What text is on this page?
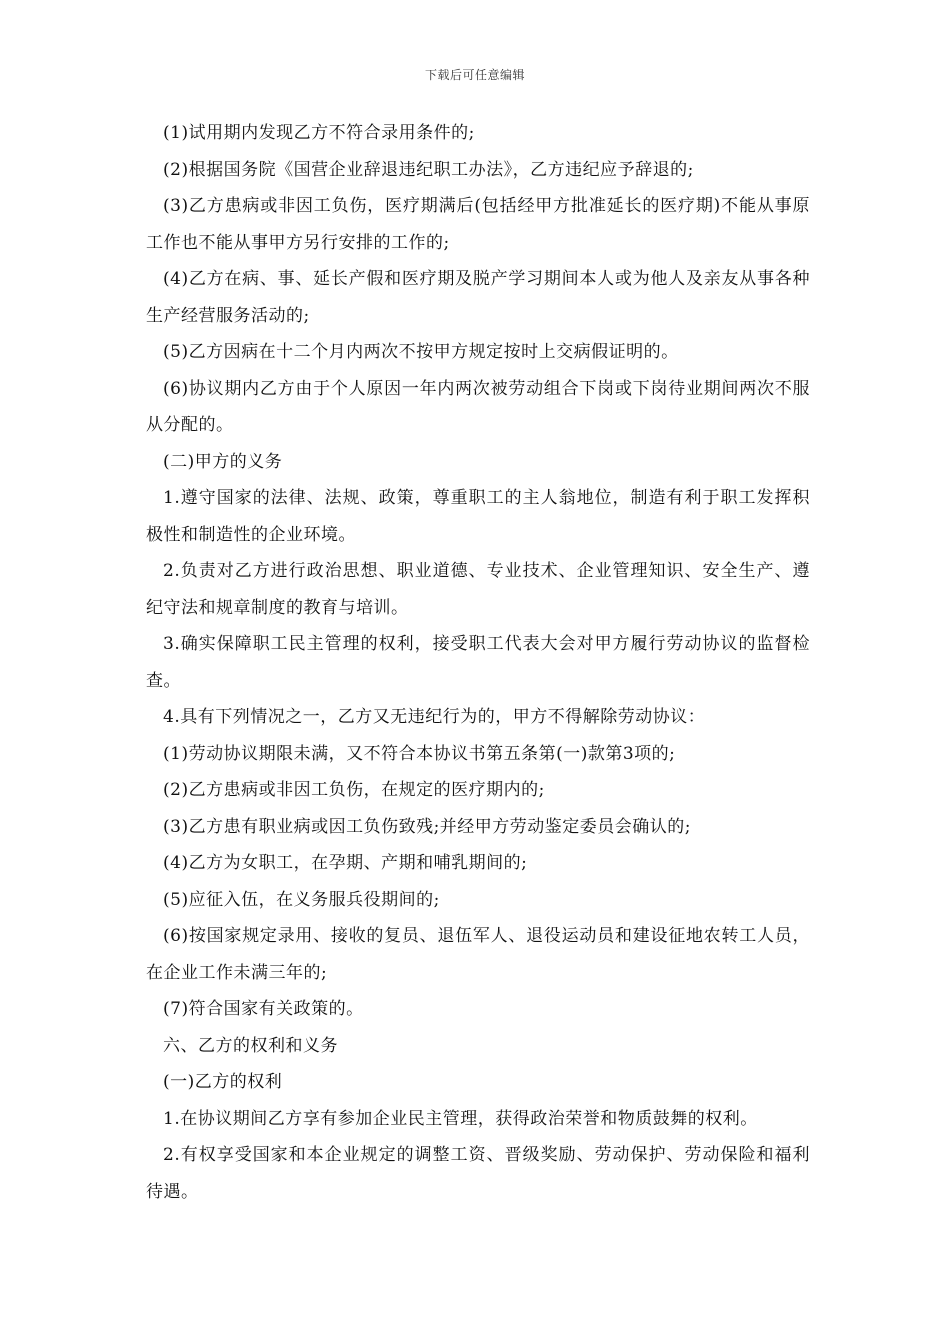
下载后可任意编辑

(1)试用期内发现乙方不符合录用条件的;

(2)根据国务院《国营企业辞退违纪职工办法》，乙方违纪应予辞退的;

(3)乙方患病或非因工负伤，医疗期满后(包括经甲方批准延长的医疗期)不能从事原工作也不能从事甲方另行安排的工作的;

(4)乙方在病、事、延长产假和医疗期及脱产学习期间本人或为他人及亲友从事各种生产经营服务活动的;

(5)乙方因病在十二个月内两次不按甲方规定按时上交病假证明的。

(6)协议期内乙方由于个人原因一年内两次被劳动组合下岗或下岗待业期间两次不服从分配的。

(二)甲方的义务

1.遵守国家的法律、法规、政策，尊重职工的主人翁地位，制造有利于职工发挥积极性和制造性的企业环境。

2.负责对乙方进行政治思想、职业道德、专业技术、企业管理知识、安全生产、遵纪守法和规章制度的教育与培训。

3.确实保障职工民主管理的权利，接受职工代表大会对甲方履行劳动协议的监督检查。

4.具有下列情况之一，乙方又无违纪行为的，甲方不得解除劳动协议：

(1)劳动协议期限未满，又不符合本协议书第五条第(一)款第3项的;

(2)乙方患病或非因工负伤，在规定的医疗期内的;

(3)乙方患有职业病或因工负伤致残;并经甲方劳动鉴定委员会确认的;

(4)乙方为女职工，在孕期、产期和哺乳期间的;

(5)应征入伍，在义务服兵役期间的;

(6)按国家规定录用、接收的复员、退伍军人、退役运动员和建设征地农转工人员，在企业工作未满三年的;

(7)符合国家有关政策的。

六、乙方的权利和义务

(一)乙方的权利

1.在协议期间乙方享有参加企业民主管理，获得政治荣誉和物质鼓舞的权利。

2.有权享受国家和本企业规定的调整工资、晋级奖励、劳动保护、劳动保险和福利待遇。
